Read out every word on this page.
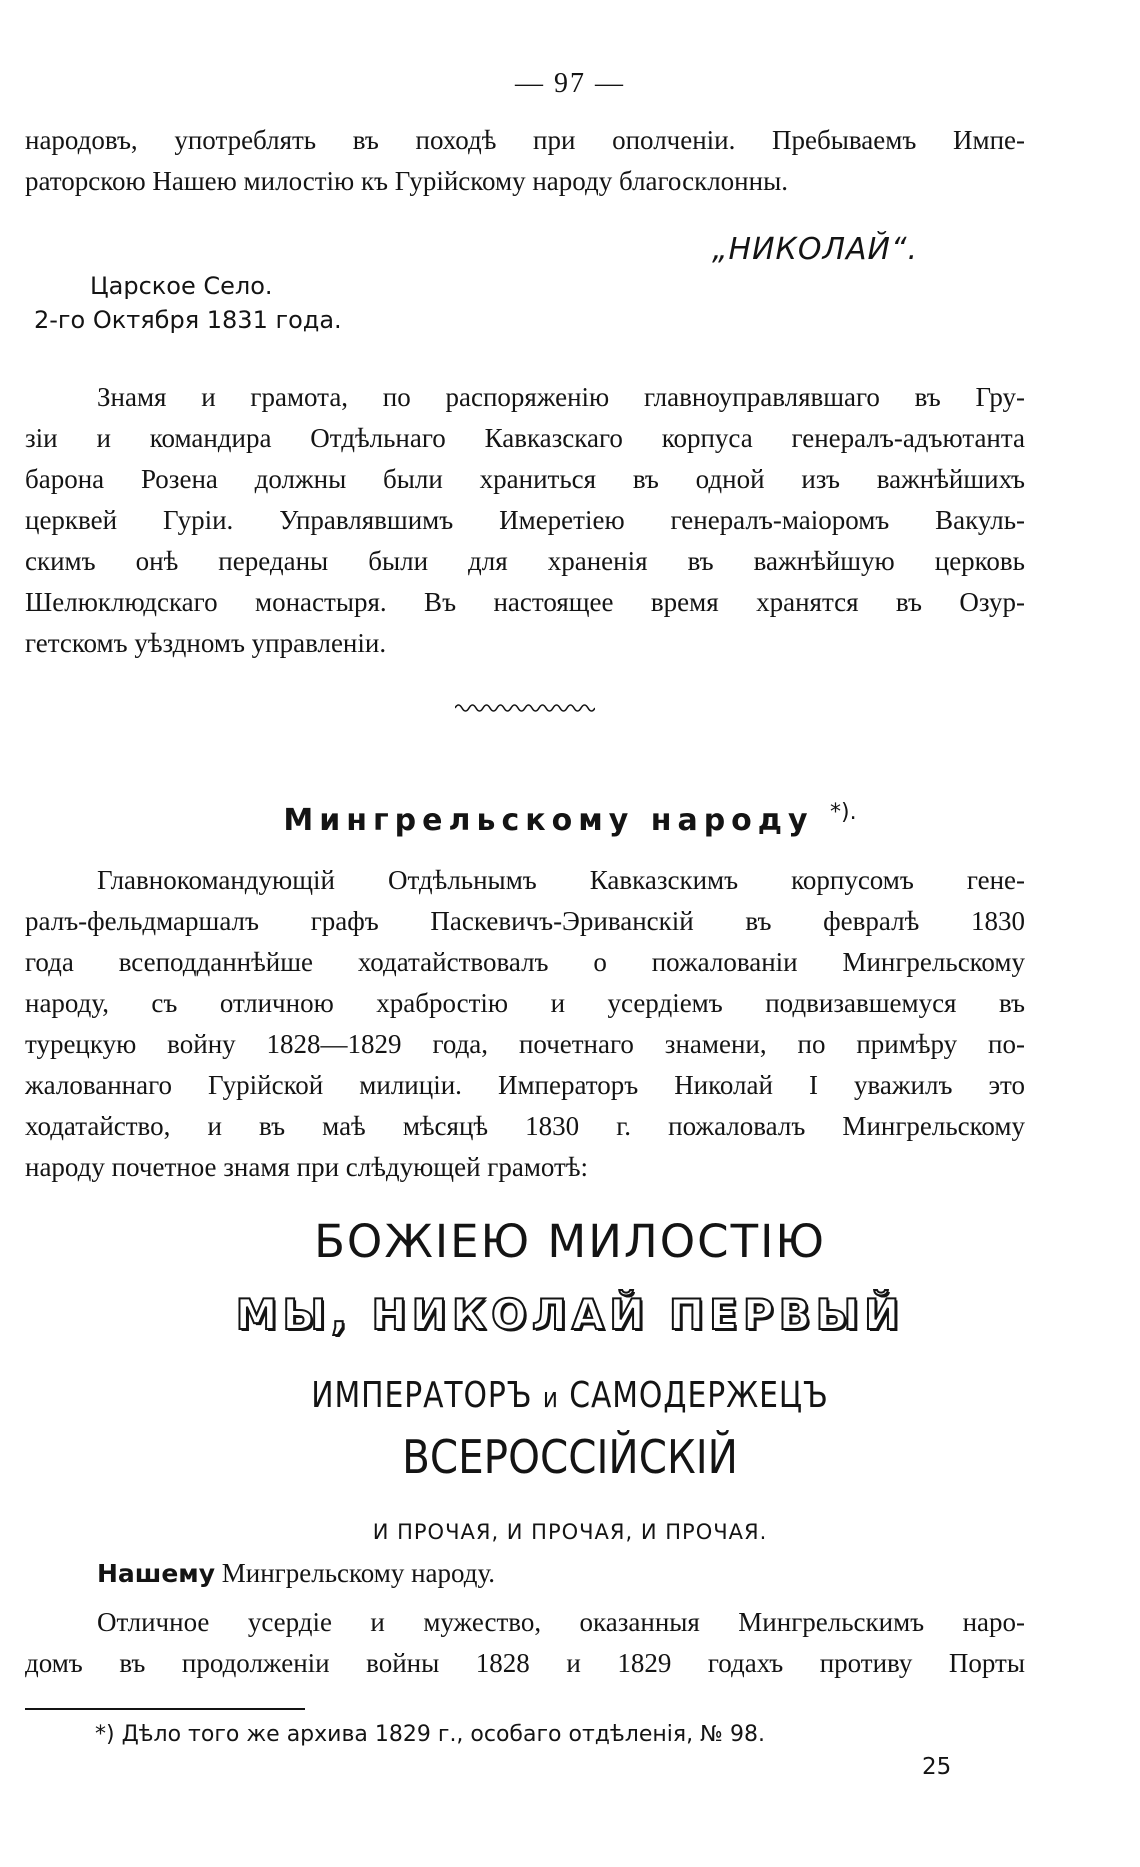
— 97 —
народовъ, употреблять въ походѣ при ополченіи. Пребываемъ Импе-
раторскою Нашею милостію къ Гурійскому народу благосклонны.
„НИКОЛАЙ“.
Царское Село.
2-го Октября 1831 года.
Знамя и грамота, по распоряженію главноуправлявшаго въ Гру-
зіи и командира Отдѣльнаго Кавказскаго корпуса генералъ-адъютанта
барона Розена должны были храниться въ одной изъ важнѣйшихъ
церквей Гуріи. Управлявшимъ Имеретіею генералъ-маіоромъ Вакуль-
скимъ онѣ переданы были для храненія въ важнѣйшую церковь
Шелюклюдскаго монастыря. Въ настоящее время хранятся въ Озур-
гетскомъ уѣздномъ управленіи.
Мингрельскому народу *).
Главнокомандующій Отдѣльнымъ Кавказскимъ корпусомъ гене-
ралъ-фельдмаршалъ графъ Паскевичъ-Эриванскій въ февралѣ 1830
года всеподданнѣйше ходатайствовалъ о пожалованіи Мингрельскому
народу, съ отличною храбростію и усердіемъ подвизавшемуся въ
турецкую войну 1828—1829 года, почетнаго знамени, по примѣру по-
жалованнаго Гурійской милиціи. Императоръ Николай I уважилъ это
ходатайство, и въ маѣ мѣсяцѣ 1830 г. пожаловалъ Мингрельскому
народу почетное знамя при слѣдующей грамотѣ:
БОЖІЕЮ МИЛОСТІЮ
МЫ, НИКОЛАЙ ПЕРВЫЙ
ИМПЕРАТОРЪ и САМОДЕРЖЕЦЪ
ВСЕРОССІЙСКІЙ
И ПРОЧАЯ, И ПРОЧАЯ, И ПРОЧАЯ.
Нашему Мингрельскому народу.
Отличное усердіе и мужество, оказанныя Мингрельскимъ наро-
домъ въ продолженіи войны 1828 и 1829 годахъ противу Порты
*) Дѣло того же архива 1829 г., особаго отдѣленія, № 98.
25
